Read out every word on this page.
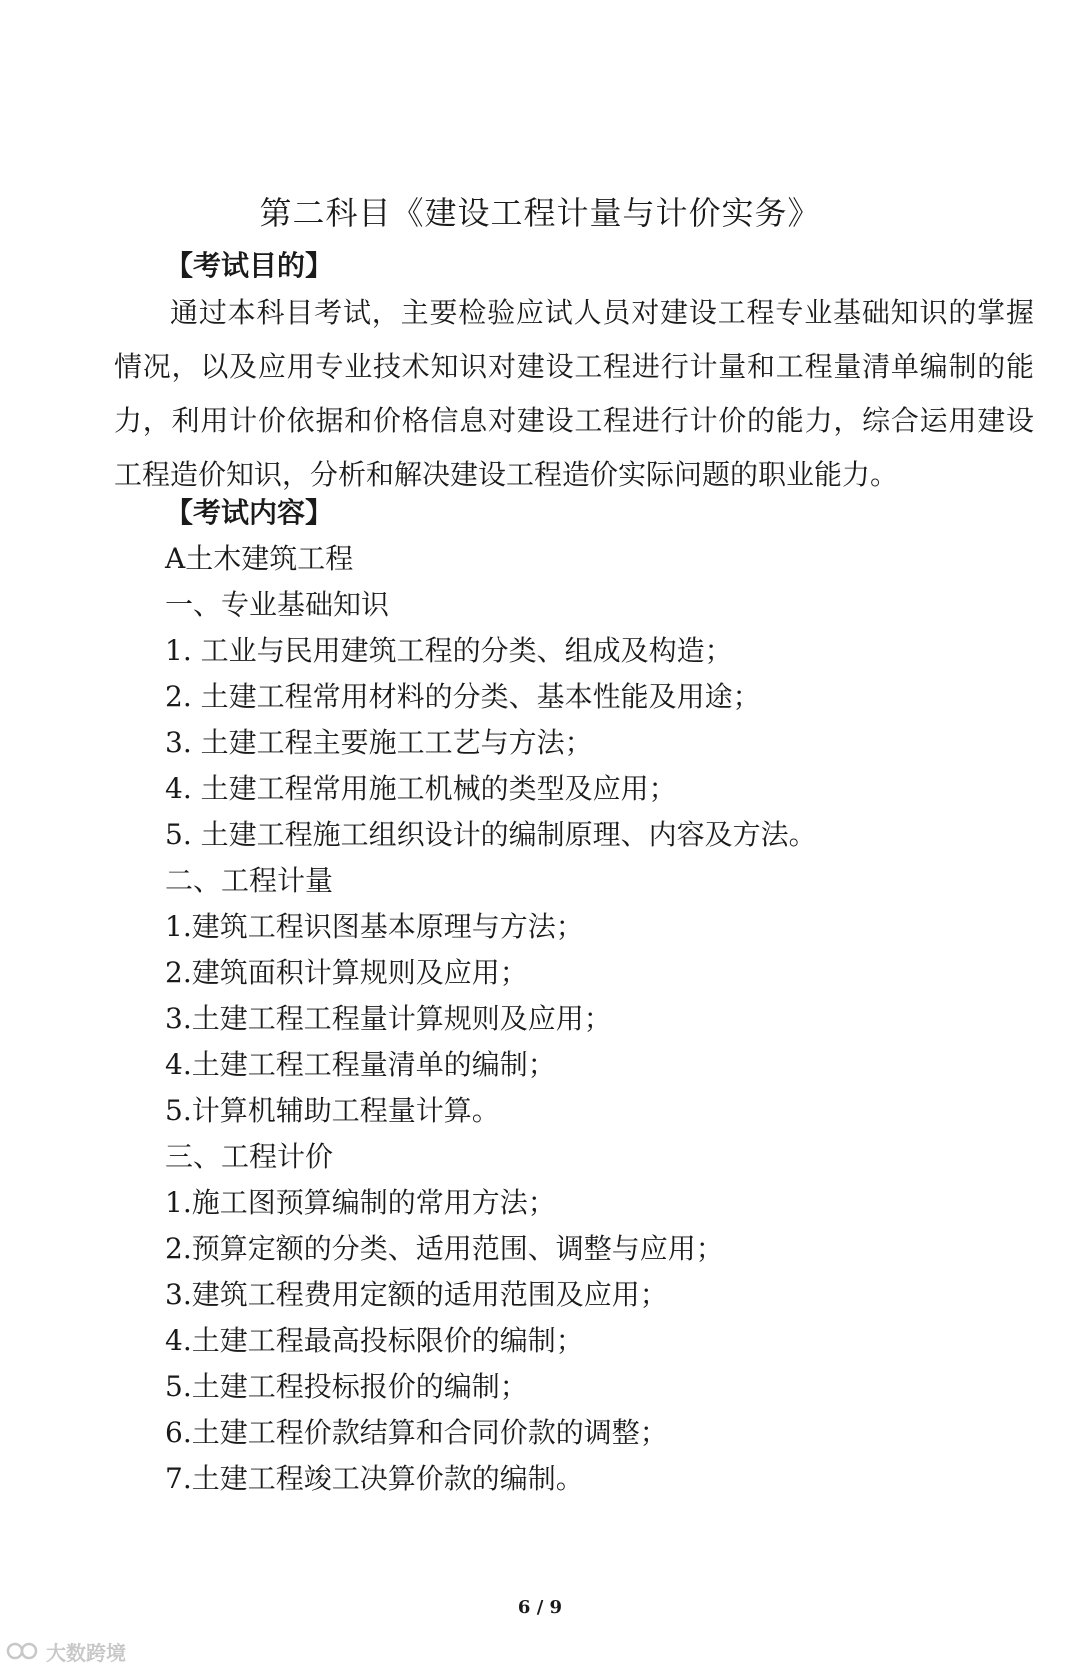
第二科目《建设工程计量与计价实务》
【考试目的】

通过本科目考试，主要检验应试人员对建设工程专业基础知识的掌握情况，以及应用专业技术知识对建设工程进行计量和工程量清单编制的能力，利用计价依据和价格信息对建设工程进行计价的能力，综合运用建设工程造价知识，分析和解决建设工程造价实际问题的职业能力。

【考试内容】
A土木建筑工程
一、专业基础知识
1. 工业与民用建筑工程的分类、组成及构造；
2. 土建工程常用材料的分类、基本性能及用途；
3. 土建工程主要施工工艺与方法；
4. 土建工程常用施工机械的类型及应用；
5. 土建工程施工组织设计的编制原理、内容及方法。
二、工程计量
1.建筑工程识图基本原理与方法；
2.建筑面积计算规则及应用；
3.土建工程工程量计算规则及应用；
4.土建工程工程量清单的编制；
5.计算机辅助工程量计算。
三、工程计价
1.施工图预算编制的常用方法；
2.预算定额的分类、适用范围、调整与应用；
3.建筑工程费用定额的适用范围及应用；
4.土建工程最高投标限价的编制；
5.土建工程投标报价的编制；
6.土建工程价款结算和合同价款的调整；
7.土建工程竣工决算价款的编制。
6 / 9
大数跨境
